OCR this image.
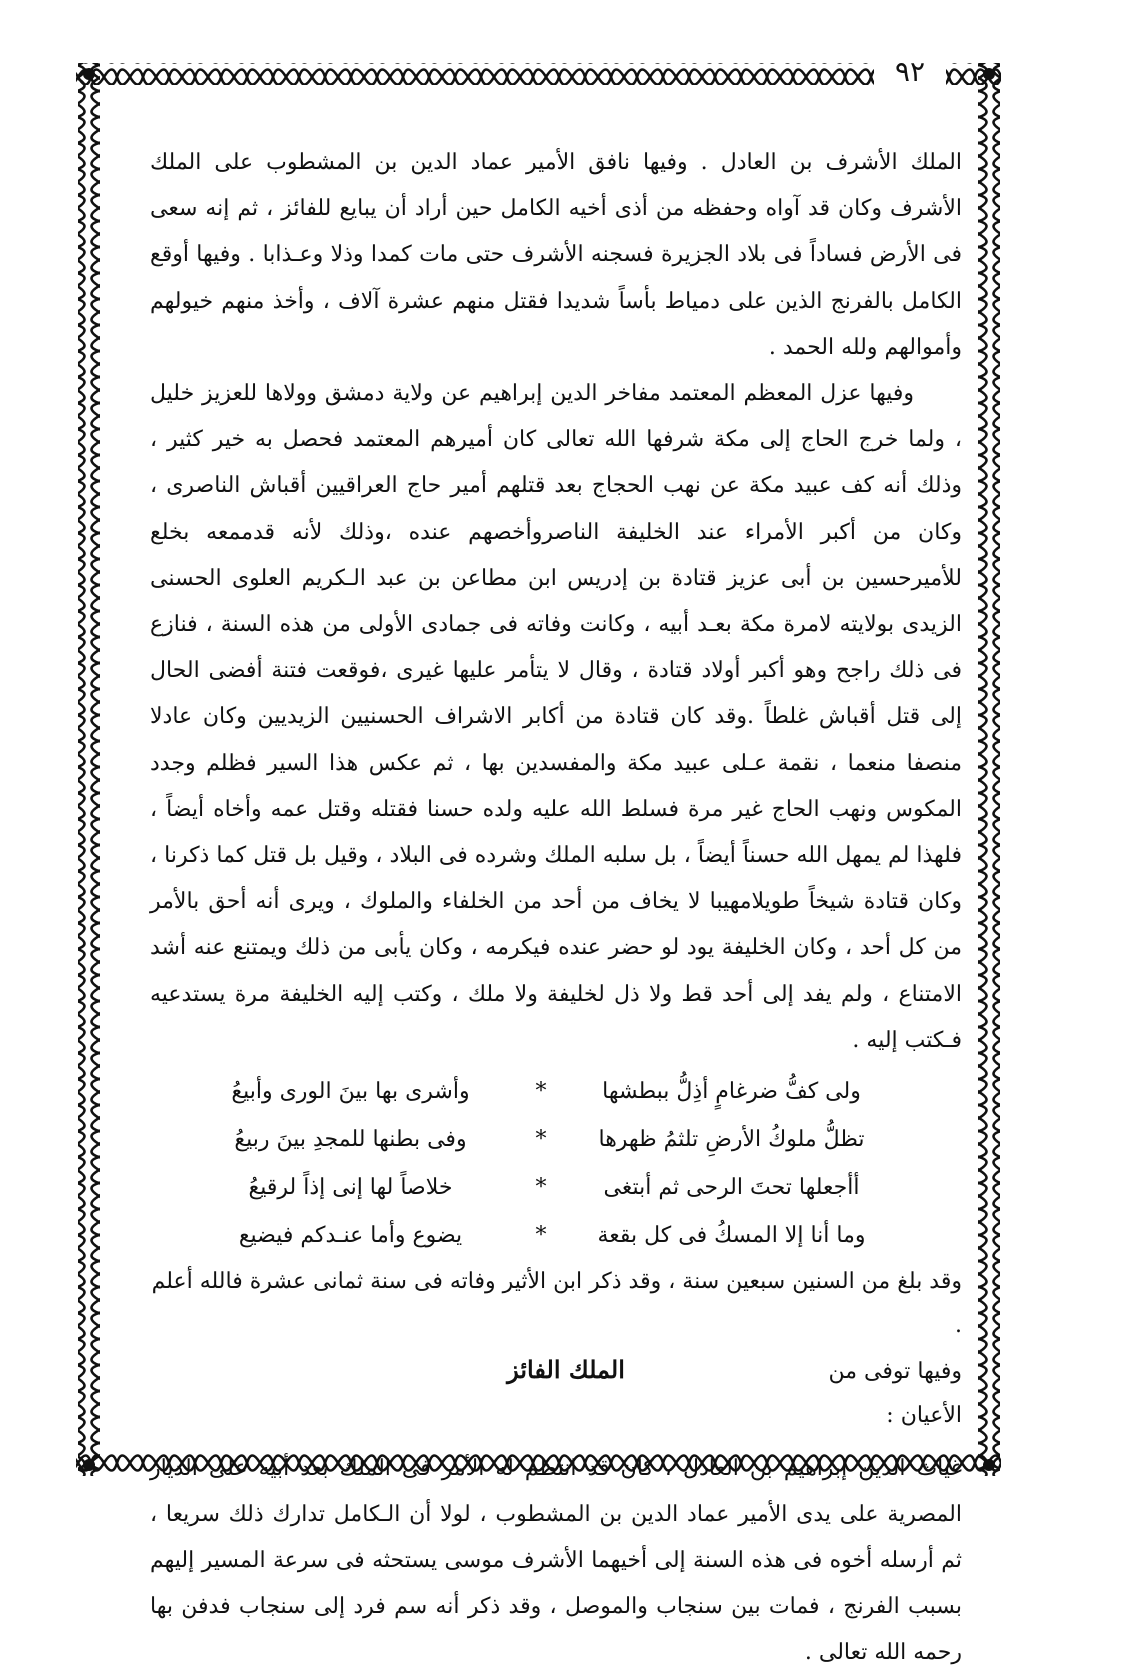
٩٢

الملك الأشرف بن العادل . وفيها نافق الأمير عماد الدين بن المشطوب على الملك الأشرف وكان قد آواه وحفظه من أذى أخيه الكامل حين أراد أن يبايع للفائز ، ثم إنه سعى فى الأرض فساداً فى بلاد الجزيرة فسجنه الأشرف حتى مات كمدا وذلا وعـذابا . وفيها أوقع الكامل بالفرنج الذين على دمياط بأساً شديدا فقتل منهم عشرة آلاف ، وأخذ منهم خيولهم وأموالهم ولله الحمد .

وفيها عزل المعظم المعتمد مفاخر الدين إبراهيم عن ولاية دمشق وولاها للعزيز خليل ، ولما خرج الحاج إلى مكة شرفها الله تعالى كان أميرهم المعتمد فحصل به خير كثير ، وذلك أنه كف عبيد مكة عن نهب الحجاج بعد قتلهم أمير حاج العراقيين أقباش الناصرى ، وكان من أكبر الأمراء عند الخليفة الناصروأخصهم عنده ،وذلك لأنه قدممعه بخلع للأميرحسين بن أبى عزيز قتادة بن إدريس ابن مطاعن بن عبد الـكريم العلوى الحسنى الزيدى بولايته لامرة مكة بعـد أبيه ، وكانت وفاته فى جمادى الأولى من هذه السنة ، فنازع فى ذلك راجح وهو أكبر أولاد قتادة ، وقال لا يتأمر عليها غيرى ،فوقعت فتنة أفضى الحال إلى قتل أقباش غلطاً .وقد كان قتادة من أكابر الاشراف الحسنيين الزيديين وكان عادلا منصفا منعما ، نقمة عـلى عبيد مكة والمفسدين بها ، ثم عكس هذا السير فظلم وجدد المكوس ونهب الحاج غير مرة فسلط الله عليه ولده حسنا فقتله وقتل عمه وأخاه أيضاً ، فلهذا لم يمهل الله حسناً أيضاً ، بل سلبه الملك وشرده فى البلاد ، وقيل بل قتل كما ذكرنا ، وكان قتادة شيخاً طويلامهيبا لا يخاف من أحد من الخلفاء والملوك ، ويرى أنه أحق بالأمر من كل أحد ، وكان الخليفة يود لو حضر عنده فيكرمه ، وكان يأبى من ذلك ويمتنع عنه أشد الامتناع ، ولم يفد إلى أحد قط ولا ذل لخليفة ولا ملك ، وكتب إليه الخليفة مرة يستدعيه فـكتب إليه .

ولى كفُّ ضرغامٍ أذِلُّ ببطشها
*
وأشرى بها بينَ الورى وأبيعُ
تظلُّ ملوكُ الأرضِ تلثمُ ظهرها
*
وفى بطنها للمجدِ بينَ ربيعُ
أأجعلها تحتَ الرحى ثم أبتغى
*
خلاصاً لها إنى إذاً لرقيعُ
وما أنا إلا المسكُ فى كل بقعة
*
يضوع وأما عنـدكم فيضيع

وقد بلغ من السنين سبعين سنة ، وقد ذكر ابن الأثير وفاته فى سنة ثمانى عشرة فالله أعلم .

وفيها توفى من الأعيان :
الملك الفائز

غياث الدين إبراهيم بن العادل ، كان قد انتظم له الأمر فى الملك بعد أبيه على الديار المصرية على يدى الأمير عماد الدين بن المشطوب ، لولا أن الـكامل تدارك ذلك سريعا ، ثم أرسله أخوه فى هذه السنة إلى أخيهما الأشرف موسى يستحثه فى سرعة المسير إليهم بسبب الفرنج ، فمات بين سنجاب والموصل ، وقد ذكر أنه سم فرد إلى سنجاب فدفن بها رحمه الله تعالى .
